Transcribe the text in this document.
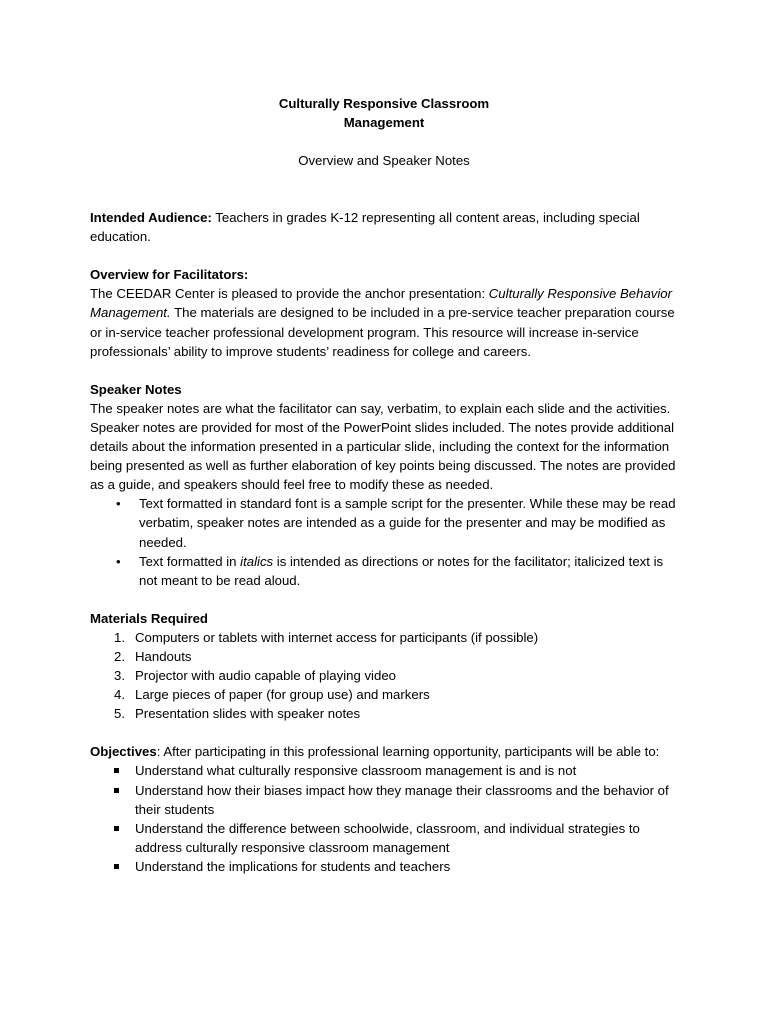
Culturally Responsive Classroom
Management

Overview and Speaker Notes

Intended Audience: Teachers in grades K-12 representing all content areas, including special education.

Overview for Facilitators:

The CEEDAR Center is pleased to provide the anchor presentation: Culturally Responsive Behavior Management. The materials are designed to be included in a pre-service teacher preparation course or in-service teacher professional development program. This resource will increase in-service professionals’ ability to improve students’ readiness for college and careers.

Speaker Notes

The speaker notes are what the facilitator can say, verbatim, to explain each slide and the activities. Speaker notes are provided for most of the PowerPoint slides included. The notes provide additional details about the information presented in a particular slide, including the context for the information being presented as well as further elaboration of key points being discussed. The notes are provided as a guide, and speakers should feel free to modify these as needed.

• Text formatted in standard font is a sample script for the presenter. While these may be read verbatim, speaker notes are intended as a guide for the presenter and may be modified as needed.
• Text formatted in italics is intended as directions or notes for the facilitator; italicized text is not meant to be read aloud.

Materials Required

1. Computers or tablets with internet access for participants (if possible)
2. Handouts
3. Projector with audio capable of playing video
4. Large pieces of paper (for group use) and markers
5. Presentation slides with speaker notes

Objectives: After participating in this professional learning opportunity, participants will be able to:

Understand what culturally responsive classroom management is and is not
Understand how their biases impact how they manage their classrooms and the behavior of their students
Understand the difference between schoolwide, classroom, and individual strategies to address culturally responsive classroom management
Understand the implications for students and teachers
